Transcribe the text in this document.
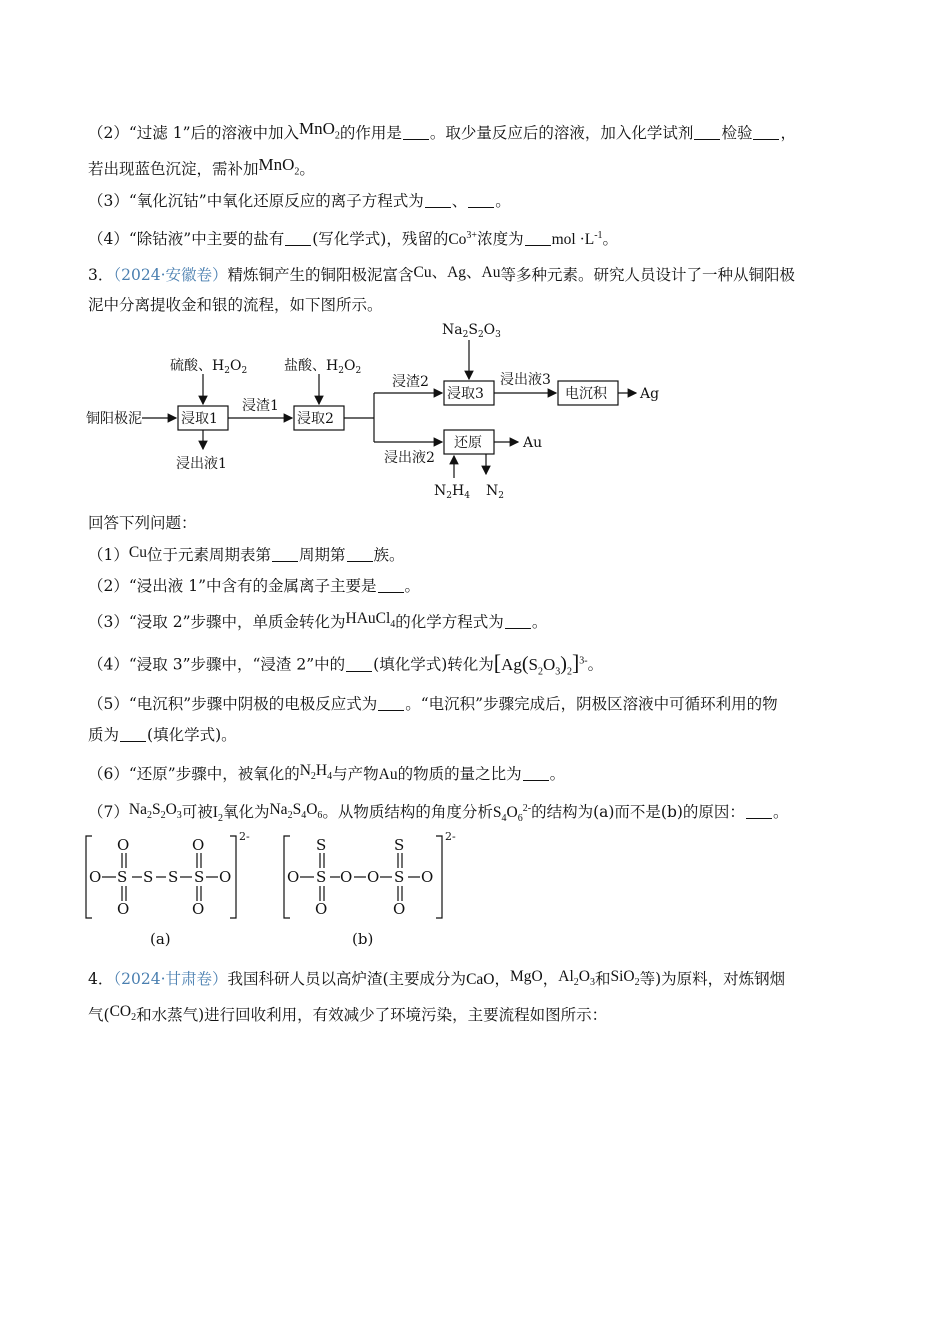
（2）“过滤 1”后的溶液中加入MnO$_2$的作用是 。取少量反应后的溶液，加入化学试剂 检验 ，
若出现蓝色沉淀，需补加MnO$_2$。
（3）“氧化沉钴”中氧化还原反应的离子方程式为 、 。
（4）“除钴液”中主要的盐有 (写化学式)，残留的$Co^{3+}$浓度为 mol $\cdot L^{-1}$。
3．（2024·安徽卷）精炼铜产生的铜阳极泥富含Cu、Ag、Au等多种元素。研究人员设计了一种从铜阳极
泥中分离提收金和银的流程，如下图所示。
铜阳极泥
硫酸、$H_2O_2$	盐酸、$H_2O_2$
浸取1	浸取2
浸取3	电沉积
还原
浸渣1
浸渣2
浸出液1	浸出液2
浸出液3
$Na_2S_2O_3$
Ag
Au
$N_2H_4$ $N_2$
回答下列问题：
（1）Cu位于元素周期表第 周期第 族。
（2）“浸出液 1”中含有的金属离子主要是 。
（3）“浸取 2”步骤中，单质金转化为HAuCl$_4$的化学方程式为 。
（4）“浸取 3”步骤中，“浸渣 2”中的 (填化学式)转化为$[Ag(S_2O_3)_2]^{3-}$。
（5）“电沉积”步骤中阴极的电极反应式为 。“电沉积”步骤完成后，阴极区溶液中可循环利用的物
质为 (填化学式)。
（6）“还原”步骤中，被氧化的$N_2H_4$与产物Au的物质的量之比为 。
$(7)Na_2S_2O_3$可被$I_2$氧化为$Na_2S_4O_6$。从物质结构的角度分析$S_4O_6^{2-}$的结构为(a)而不是(b)的原因： 。
O S S S S O
O
O
O
O
2-
O S O O S O
S
O
S
O
2-
(a)	(b)
4．（2024·甘肃卷）我国科研人员以高炉渣(主要成分为CaO，MgO，$Al_2O_3$和SiO$_2$等)为原料，对炼钢烟
气($CO_2$和水蒸气)进行回收利用，有效减少了环境污染，主要流程如图所示：
